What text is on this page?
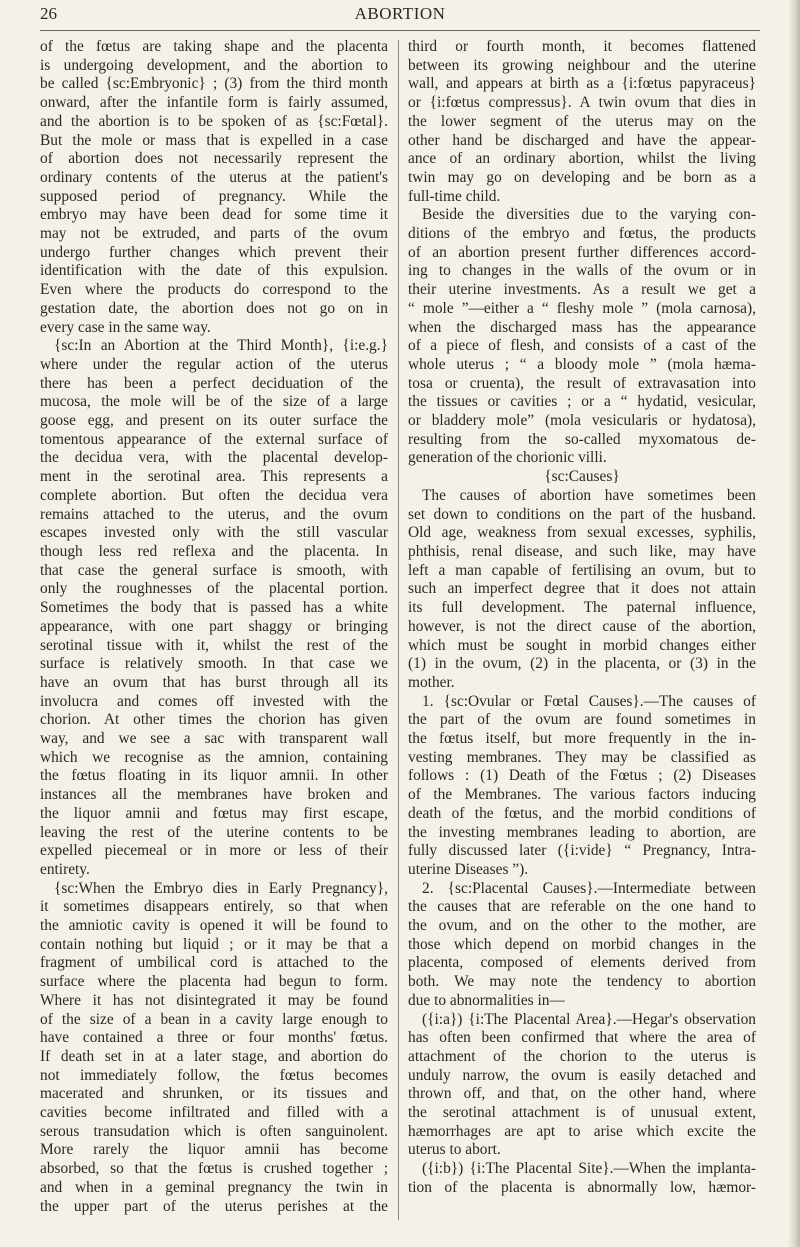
26	ABORTION
of the fœtus are taking shape and the placenta
is undergoing development, and the abortion to
be called {sc:Embryonic} ; (3) from the third month
onward, after the infantile form is fairly assumed,
and the abortion is to be spoken of as {sc:Fœtal}.
But the mole or mass that is expelled in a case
of abortion does not necessarily represent the
ordinary contents of the uterus at the patient's
supposed period of pregnancy. While the
embryo may have been dead for some time it
may not be extruded, and parts of the ovum
undergo further changes which prevent their
identification with the date of this expulsion.
Even where the products do correspond to the
gestation date, the abortion does not go on in
every case in the same way.
{sc:In an Abortion at the Third Month}, {i:e.g.}
where under the regular action of the uterus
there has been a perfect deciduation of the
mucosa, the mole will be of the size of a large
goose egg, and present on its outer surface the
tomentous appearance of the external surface of
the decidua vera, with the placental develop-
ment in the serotinal area. This represents a
complete abortion. But often the decidua vera
remains attached to the uterus, and the ovum
escapes invested only with the still vascular
though less red reflexa and the placenta. In
that case the general surface is smooth, with
only the roughnesses of the placental portion.
Sometimes the body that is passed has a white
appearance, with one part shaggy or bringing
serotinal tissue with it, whilst the rest of the
surface is relatively smooth. In that case we
have an ovum that has burst through all its
involucra and comes off invested with the
chorion. At other times the chorion has given
way, and we see a sac with transparent wall
which we recognise as the amnion, containing
the fœtus floating in its liquor amnii. In other
instances all the membranes have broken and
the liquor amnii and fœtus may first escape,
leaving the rest of the uterine contents to be
expelled piecemeal or in more or less of their
entirety.
{sc:When the Embryo dies in Early Pregnancy},
it sometimes disappears entirely, so that when
the amniotic cavity is opened it will be found to
contain nothing but liquid ; or it may be that a
fragment of umbilical cord is attached to the
surface where the placenta had begun to form.
Where it has not disintegrated it may be found
of the size of a bean in a cavity large enough to
have contained a three or four months' fœtus.
If death set in at a later stage, and abortion do
not immediately follow, the fœtus becomes
macerated and shrunken, or its tissues and
cavities become infiltrated and filled with a
serous transudation which is often sanguinolent.
More rarely the liquor amnii has become
absorbed, so that the fœtus is crushed together ;
and when in a geminal pregnancy the twin in
the upper part of the uterus perishes at the
third or fourth month, it becomes flattened
between its growing neighbour and the uterine
wall, and appears at birth as a {i:fœtus papyraceus}
or {i:fœtus compressus}. A twin ovum that dies in
the lower segment of the uterus may on the
other hand be discharged and have the appear-
ance of an ordinary abortion, whilst the living
twin may go on developing and be born as a
full-time child.
Beside the diversities due to the varying con-
ditions of the embryo and fœtus, the products
of an abortion present further differences accord-
ing to changes in the walls of the ovum or in
their uterine investments. As a result we get a
“ mole ”—either a “ fleshy mole ” (mola carnosa),
when the discharged mass has the appearance
of a piece of flesh, and consists of a cast of the
whole uterus ; “ a bloody mole ” (mola hæma-
tosa or cruenta), the result of extravasation into
the tissues or cavities ; or a “ hydatid, vesicular,
or bladdery mole” (mola vesicularis or hydatosa),
resulting from the so-called myxomatous de-
generation of the chorionic villi.
{sc:Causes}
The causes of abortion have sometimes been
set down to conditions on the part of the husband.
Old age, weakness from sexual excesses, syphilis,
phthisis, renal disease, and such like, may have
left a man capable of fertilising an ovum, but to
such an imperfect degree that it does not attain
its full development. The paternal influence,
however, is not the direct cause of the abortion,
which must be sought in morbid changes either
(1) in the ovum, (2) in the placenta, or (3) in the
mother.
1. {sc:Ovular or Fœtal Causes}.—The causes of
the part of the ovum are found sometimes in
the fœtus itself, but more frequently in the in-
vesting membranes. They may be classified as
follows : (1) Death of the Fœtus ; (2) Diseases
of the Membranes. The various factors inducing
death of the fœtus, and the morbid conditions of
the investing membranes leading to abortion, are
fully discussed later ({i:vide} “ Pregnancy, Intra-
uterine Diseases ”).
2. {sc:Placental Causes}.—Intermediate between
the causes that are referable on the one hand to
the ovum, and on the other to the mother, are
those which depend on morbid changes in the
placenta, composed of elements derived from
both. We may note the tendency to abortion
due to abnormalities in—
({i:a}) {i:The Placental Area}.—Hegar's observation
has often been confirmed that where the area of
attachment of the chorion to the uterus is
unduly narrow, the ovum is easily detached and
thrown off, and that, on the other hand, where
the serotinal attachment is of unusual extent,
hæmorrhages are apt to arise which excite the
uterus to abort.
({i:b}) {i:The Placental Site}.—When the implanta-
tion of the placenta is abnormally low, hæmor-
